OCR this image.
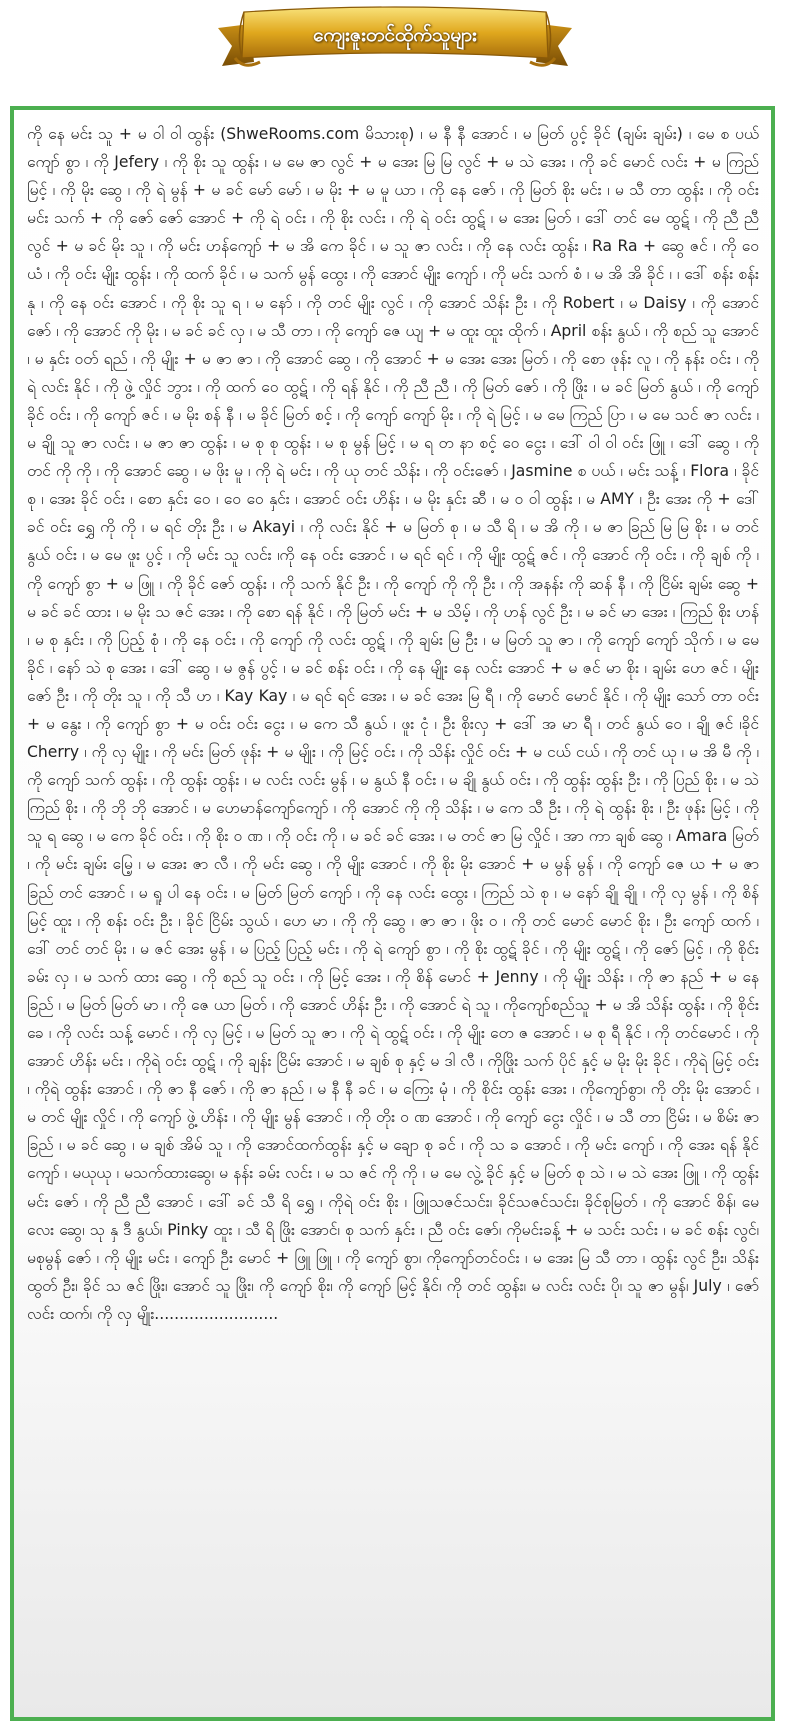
ကျေးဇူးတင်ထိုက်သူများ

ကို နေ မင်း သူ + မ ဝါ ဝါ ထွန်း (ShweRooms.com မိသားစု) ၊ မ နီ နီ အောင် ၊ မ မြတ် ပွင့် ခိုင် (ချမ်း ချမ်း) ၊ မေ စ ပယ် ကျော် စွာ ၊ ကို Jefery ၊ ကို စိုး သူ ထွန်း ၊ မ မေ ဇာ လွင် + မ အေး မြ မြ လွင် + မ သဲ အေး ၊ ကို ခင် မောင် လင်း + မ ကြည် မြင့် ၊ ကို မိုး ဆွေ ၊ ကို ရဲ မွန် + မ ခင် မော် မော် ၊ မ မိုး + မ မူ ယာ ၊ ကို နေ ဇော် ၊ ကို မြတ် စိုး မင်း ၊ မ သီ တာ ထွန်း ၊ ကို ဝင်း မင်း သက် + ကို ဇော် ဇော် အောင် + ကို ရဲ ဝင်း ၊ ကို စိုး လင်း ၊ ကို ရဲ ဝင်း ထွဋ် ၊ မ အေး မြတ် ၊ ဒေါ် တင် မေ ထွဋ် ၊ ကို ညီ ညီ လွင် + မ ခင် မိုး သူ ၊ ကို မင်း ဟန်ကျော် + မ အိ ကေ ခိုင် ၊ မ သူ ဇာ လင်း ၊ ကို နေ လင်း ထွန်း ၊ Ra Ra + ဆွေ ဇင် ၊ ကို ဝေ ယံ ၊ ကို ဝင်း မျိုး ထွန်း ၊ ကို ထက် ခိုင် ၊ မ သက် မွန် ထွေး ၊ ကို အောင် မျိုး ကျော် ၊ ကို မင်း သက် စံ ၊ မ အိ အိ ခိုင် ၊ ၊ ဒေါ် စန်း စန်း နု ၊ ကို နေ ဝင်း အောင် ၊ ကို စိုး သူ ရ ၊ မ နော် ၊ ကို တင် မျိုး လွင် ၊ ကို အောင် သိန်း ဦး ၊ ကို Robert ၊ မ Daisy ၊ ကို အောင် ဇော် ၊ ကို အောင် ကို မိုး ၊ မ ခင် ခင် လှ ၊ မ သီ တာ ၊ ကို ကျော် ဇေ ယျ + မ ထူး ထူး ထိုက် ၊ April စန်း နွယ် ၊ ကို စည် သူ အောင် ၊ မ နှင်း ဝတ် ရည် ၊ ကို မျိုး + မ ဇာ ဇာ ၊ ကို အောင် ဆွေ ၊ ကို အောင် + မ အေး အေး မြတ် ၊ ကို စော ဖုန်း လူ ၊ ကို နန်း ဝင်း ၊ ကို ရဲ လင်း နိုင် ၊ ကို ဖွဲ့ လှိုင် ဘွား ၊ ကို ထက် ဝေ ထွဋ် ၊ ကို ရန် နိုင် ၊ ကို ညီ ညီ ၊ ကို မြတ် ဇော် ၊ ကို ဖြိုး ၊ မ ခင် မြတ် နွယ် ၊ ကို ကျော် ခိုင် ဝင်း ၊ ကို ကျော် ဇင် ၊ မ မိုး စန် နီ ၊ မ ခိုင် မြတ် စင့် ၊ ကို ကျော် ကျော် မိုး ၊ ကို ရဲ မြင့် ၊ မ မေ ကြည် ပြာ ၊ မ မေ သင် ဇာ လင်း ၊ မ ချို သူ ဇာ လင်း ၊ မ ဇာ ဇာ ထွန်း ၊ မ စု စု ထွန်း ၊ မ စု မွန် မြင့် ၊ မ ရ တ နာ စင့် ဝေ ငွေး ၊ ဒေါ် ဝါ ဝါ ဝင်း ဖြူ ၊ ဒေါ် ဆွေ ၊ ကို တင် ကို ကို ၊ ကို အောင် ဆွေ ၊ မ ဖိုး မူ ၊ ကို ရဲ မင်း ၊ ကို ယု တင် သိန်း ၊ ကို ဝင်းဇော် ၊ Jasmine စ ပယ် ၊ မင်း သန့် ၊ Flora ၊ ခိုင် စု ၊ အေး ခိုင် ဝင်း ၊ စော နှင်း ဝေ ၊ ဝေ ဝေ နှင်း ၊ အောင် ဝင်း ဟိန်း ၊ မ မိုး နှင်း ဆီ ၊ မ ဝ ဝါ ထွန်း ၊ မ AMY ၊ ဦး အေး ကို + ဒေါ် ခင် ဝင်း ရွှေ ကို ကို ၊ မ ရင် တိုး ဦး ၊ မ Akayi ၊ ကို လင်း နိုင် + မ မြတ် စု ၊ မ သီ ရိ ၊ မ အိ ကို ၊ မ ဇာ ခြည် မြ မြ စိုး ၊ မ တင် နွယ် ဝင်း ၊ မ မေ ဖူး ပွင့် ၊ ကို မင်း သူ လင်း ၊ကို နေ ဝင်း အောင် ၊ မ ရင် ရင် ၊ ကို မျိုး ထွဋ် ဇင် ၊ ကို အောင် ကို ဝင်း ၊ ကို ချစ် ကို ၊ ကို ကျော် စွာ + မ ဖြူ ၊ ကို ခိုင် ဇော် ထွန်း ၊ ကို သက် နိုင် ဦး ၊ ကို ကျော် ကို ကို ဦး ၊ ကို အနန်း ကို ဆန် နီ ၊ ကို ငြိမ်း ချမ်း ဆွေ + မ ခင် ခင် ထား ၊ မ မိုး သ ဇင် အေး ၊ ကို စော ရန် နိုင် ၊ ကို မြတ် မင်း + မ သိမ့် ၊ ကို ဟန် လွင် ဦး ၊ မ ခင် မာ အေး ၊ ကြည် စိုး ဟန် ၊ မ စု နှင်း ၊ ကို ပြည့် စုံ ၊ ကို နေ ဝင်း ၊ ကို ကျော် ကို လင်း ထွဋ် ၊ ကို ချမ်း မြ ဦး ၊ မ မြတ် သူ ဇာ ၊ ကို ကျော် ကျော် သိုက် ၊ မ မေ ခိုင် ၊ နော် သဲ စု အေး ၊ ဒေါ် ဆွေ ၊ မ ဇွန် ပွင့် ၊ မ ခင် စန်း ဝင်း ၊ ကို နေ မျိုး နေ လင်း အောင် + မ ဇင် မာ စိုး ၊ ချမ်း ဟေ ဇင် ၊ မျိုး ဇော် ဦး ၊ ကို တိုး သူ ၊ ကို သီ ဟ ၊ Kay Kay ၊ မ ရင် ရင် အေး ၊ မ ခင် အေး မြ ရီ ၊ ကို မောင် မောင် နိုင် ၊ ကို မျိုး သော် တာ ဝင်း + မ နွေး ၊ ကို ကျော် စွာ + မ ဝင်း ဝင်း ငွေး ၊ မ ကေ သီ နွယ် ၊ ဖူး ငုံ ၊ ဦး စိုးလှ + ဒေါ် အ မာ ရီ ၊ တင် နွယ် ဝေ ၊ ချို ဇင် ၊ခိုင် Cherry ၊ ကို လှ မျိုး ၊ ကို မင်း မြတ် ဖုန်း + မ မျိုး ၊ ကို မြင့် ဝင်း ၊ ကို သိန်း လှိုင် ဝင်း + မ ငယ် ငယ် ၊ ကို တင် ယု ၊ မ အိ မီ ကို ၊ ကို ကျော် သက် ထွန်း ၊ ကို ထွန်း ထွန်း ၊ မ လင်း လင်း မွန် ၊ မ နွယ် နီ ဝင်း ၊ မ ချို နွယ် ဝင်း ၊ ကို ထွန်း ထွန်း ဦး ၊ ကို ပြည် စိုး ၊ မ သဲ ကြည် စိုး ၊ ကို ဘို ဘို အောင် ၊ မ ဟေမာန်ကျော်ကျော် ၊ ကို အောင် ကို ကို သိန်း ၊ မ ကေ သီ ဦး ၊ ကို ရဲ ထွန်း စိုး ၊ ဦး ဖုန်း မြင့် ၊ ကို သူ ရ ဆွေ ၊ မ ကေ ခိုင် ဝင်း ၊ ကို စိုး ဝ ဏ ၊ ကို ဝင်း ကို ၊ မ ခင် ခင် အေး ၊ မ တင် ဇာ မြ လှိုင် ၊ အာ ကာ ချစ် ဆွေ ၊ Amara မြတ် ၊ ကို မင်း ချမ်း မြေ့ ၊ မ အေး ဇာ လီ ၊ ကို မင်း ဆွေ ၊ ကို မျိုး အောင် ၊ ကို စိုး မိုး အောင် + မ မွန် မွန် ၊ ကို ကျော် ဇေ ယ + မ ဇာ ခြည် တင် အောင် ၊ မ ရူ ပါ နေ ဝင်း ၊ မ မြတ် မြတ် ကျော် ၊ ကို နေ လင်း ထွေး ၊ ကြည် သဲ စု ၊ မ နော် ချို ချို ၊ ကို လှ မွန် ၊ ကို စိန် မြင့် ထူး ၊ ကို စန်း ဝင်း ဦး ၊ ခိုင် ငြိမ်း သွယ် ၊ ဟေ မာ ၊ ကို ကို ဆွေ ၊ ဇာ ဇာ ၊ ဖိုး ဝ ၊ ကို တင် မောင် မောင် စိုး ၊ ဦး ကျော် ထက် ၊ ဒေါ် တင် တင် မိုး ၊ မ ဇင် အေး မွန် ၊ မ ပြည့် ပြည့် မင်း ၊ ကို ရဲ ကျော် စွာ ၊ ကို စိုး ထွဋ် ခိုင် ၊ ကို မျိုး ထွဋ် ၊ ကို ဇော် မြင့် ၊ ကို စိုင်း ခမ်း လှ ၊ မ သက် ထား ဆွေ ၊ ကို စည် သူ ဝင်း ၊ ကို မြင့် အေး ၊ ကို စိန် မောင် + Jenny ၊ ကို မျိုး သိန်း ၊ ကို ဇာ နည် + မ နေ ခြည် ၊ မ မြတ် မြတ် မာ ၊ ကို ဇေ ယာ မြတ် ၊ ကို အောင် ဟိန်း ဦး ၊ ကို အောင် ရဲ သူ ၊ ကိုကျော်စည်သူ + မ အိ သိန်း ထွန်း ၊ ကို စိုင်း ခေ ၊ ကို လင်း သန့် မောင် ၊ ကို လှ မြင့် ၊ မ မြတ် သူ ဇာ ၊ ကို ရဲ ထွဋ် ဝင်း ၊ ကို မျိုး တေ ဇ အောင် ၊ မ စု ရီ နိုင် ၊ ကို တင်မောင် ၊ ကို အောင် ဟိန်း မင်း ၊ ကိုရဲ ဝင်း ထွဋ် ၊ ကို ချန်း ငြိမ်း အောင် ၊ မ ချစ် စု နှင့် မ ဒါ လီ ၊ ကိုဖြိုး သက် ပိုင် နှင့် မ မိုး မိုး ခိုင် ၊ ကိုရဲ မြင့် ဝင်း ၊ ကိုရဲ ထွန်း အောင် ၊ ကို ဇာ နီ ဇော် ၊ ကို ဇာ နည် ၊ မ နီ နီ ခင် ၊ မ ကြေး မုံ ၊ ကို စိုင်း ထွန်း အေး ၊ ကိုကျော်စွာ၊ ကို တိုး မိုး အောင် ၊ မ တင် မျိုး လှိုင် ၊ ကို ကျော် ဖွဲ့ ဟိန်း ၊ ကို မျိုး မွန် အောင် ၊ ကို တိုး ဝ ဏ အောင် ၊ ကို ကျော် ငွေး လှိုင် ၊ မ သီ တာ ငြိမ်း ၊ မ စိမ်း ဇာ ခြည် ၊ မ ခင် ဆွေ ၊ မ ချစ် အိမ် သူ ၊ ကို အောင်ထက်ထွန်း နှင့် မ ချော စု ခင် ၊ ကို သ ခ အောင် ၊ ကို မင်း ကျော် ၊ ကို အေး ရန် နိုင် ကျော် ၊ မယုယု ၊ မသက်ထားဆွေ၊ မ နန်း ခမ်း လင်း ၊ မ သ ဇင် ကို ကို ၊ မ မေ လွဲ့ ခိုင် နှင့် မ မြတ် စု သဲ ၊ မ သဲ အေး ဖြူ ၊ ကို ထွန်း မင်း ဇော် ၊ ကို ညီ ညီ အောင် ၊ ဒေါ် ခင် သီ ရိ ရွှေ ၊ ကိုရဲ ဝင်း စိုး ၊ ဖြူသဇင်သင်း၊ ခိုင်သဇင်သင်း၊ ခိုင်စုမြတ် ၊ ကို အောင် စိန်၊ မေ လေး ဆွေ၊ သု နှ ဒီ နွယ်၊ Pinky ထူး ၊ သီ ရိ ဖြိုး အောင်၊ စု သက် နှင်း ၊ ညီ ဝင်း ဇော်၊ ကိုမင်းခန့် + မ သင်း သင်း ၊ မ ခင် စန်း လွင်၊ မစုမွန် ဇော် ၊ ကို မျိုး မင်း ၊ ကျော် ဦး မောင် + ဖြူ ဖြူ ၊ ကို ကျော် စွာ၊ ကိုကျော်တင်ဝင်း ၊ မ အေး မြ သီ တာ ၊ ထွန်း လွင် ဦး၊ သိန်း ထွတ် ဦး၊ ခိုင် သ ဇင် ဖြိုး၊ အောင် သူ ဖြိုး၊ ကို ကျော် စိုး၊ ကို ကျော် မြင့် နိုင်၊ ကို တင် ထွန်း၊ မ လင်း လင်း ပို၊ သူ ဇာ မွန်၊ July ၊ ဇော် လင်း ထက်၊ ကို လှ မျိုး.........................
